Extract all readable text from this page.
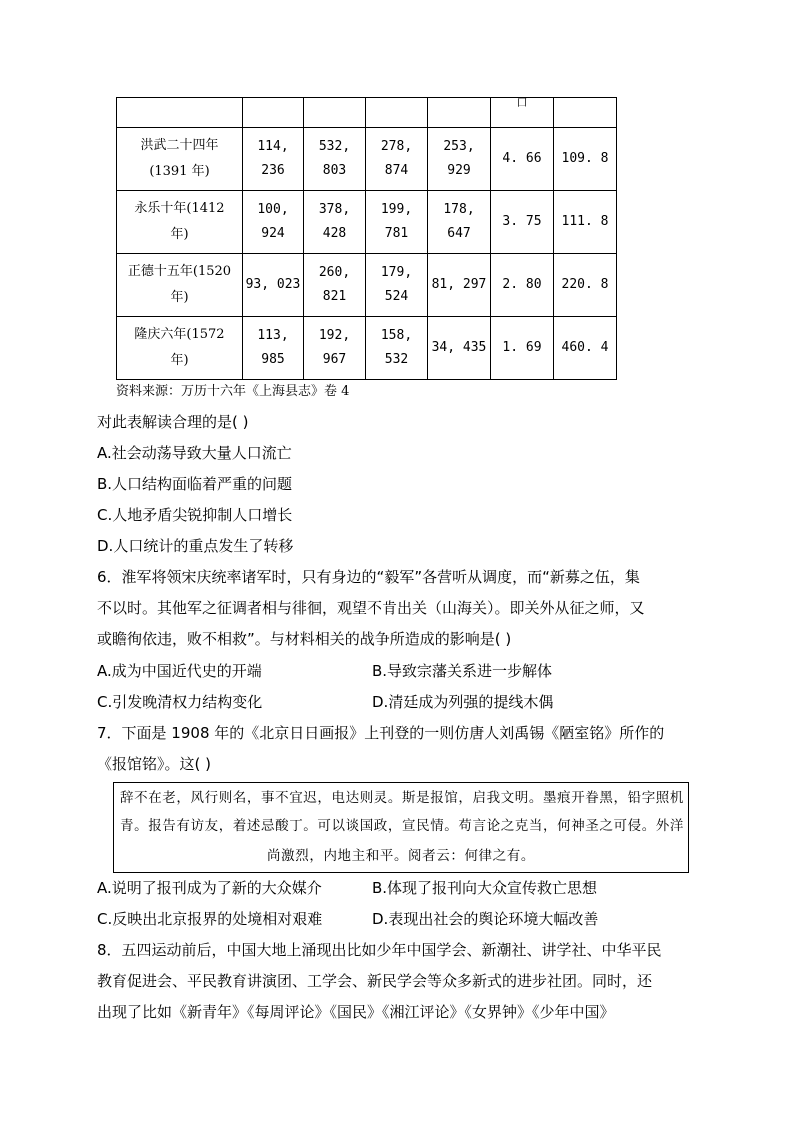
					口	

洪武二十四年
(1391 年)	114, 236	532, 803	278, 874	253, 929	4. 66	109. 8

永乐十年(1412
年)	100, 924	378, 428	199, 781	178, 647	3. 75	111. 8

正德十五年(1520
年)	93, 023	260, 821	179, 524	81, 297	2. 80	220. 8

隆庆六年(1572
年)	113, 985	192, 967	158, 532	34, 435	1. 69	460. 4
资料来源：万历十六年《上海县志》卷 4
对此表解读合理的是( )
A.社会动荡导致大量人口流亡
B.人口结构面临着严重的问题
C.人地矛盾尖锐抑制人口增长
D.人口统计的重点发生了转移
6．淮军将领宋庆统率诸军时，只有身边的“毅军”各营听从调度，而“新募之伍，集
不以时。其他军之征调者相与徘徊，观望不肯出关（山海关）。即关外从征之师，又
或瞻徇依违，败不相救”。与材料相关的战争所造成的影响是( )
A.成为中国近代史的开端	B.导致宗藩关系进一步解体
C.引发晚清权力结构变化	D.清廷成为列强的提线木偶
7．下面是 1908 年的《北京日日画报》上刊登的一则仿唐人刘禹锡《陋室铭》所作的
《报馆铭》。这( )
辞不在老，风行则名，事不宜迟，电达则灵。斯是报馆，启我文明。墨痕开眷黑，铅字照机
青。报告有访友，着述忌酸丁。可以谈国政，宣民情。苟言论之克当，何神圣之可侵。外洋
尚激烈，内地主和平。阅者云：何律之有。
A.说明了报刊成为了新的大众媒介	B.体现了报刊向大众宣传救亡思想
C.反映出北京报界的处境相对艰难	D.表现出社会的舆论环境大幅改善
8．五四运动前后，中国大地上涌现出比如少年中国学会、新潮社、讲学社、中华平民
教育促进会、平民教育讲演团、工学会、新民学会等众多新式的进步社团。同时，还
出现了比如《新青年》《每周评论》《国民》《湘江评论》《女界钟》《少年中国》
